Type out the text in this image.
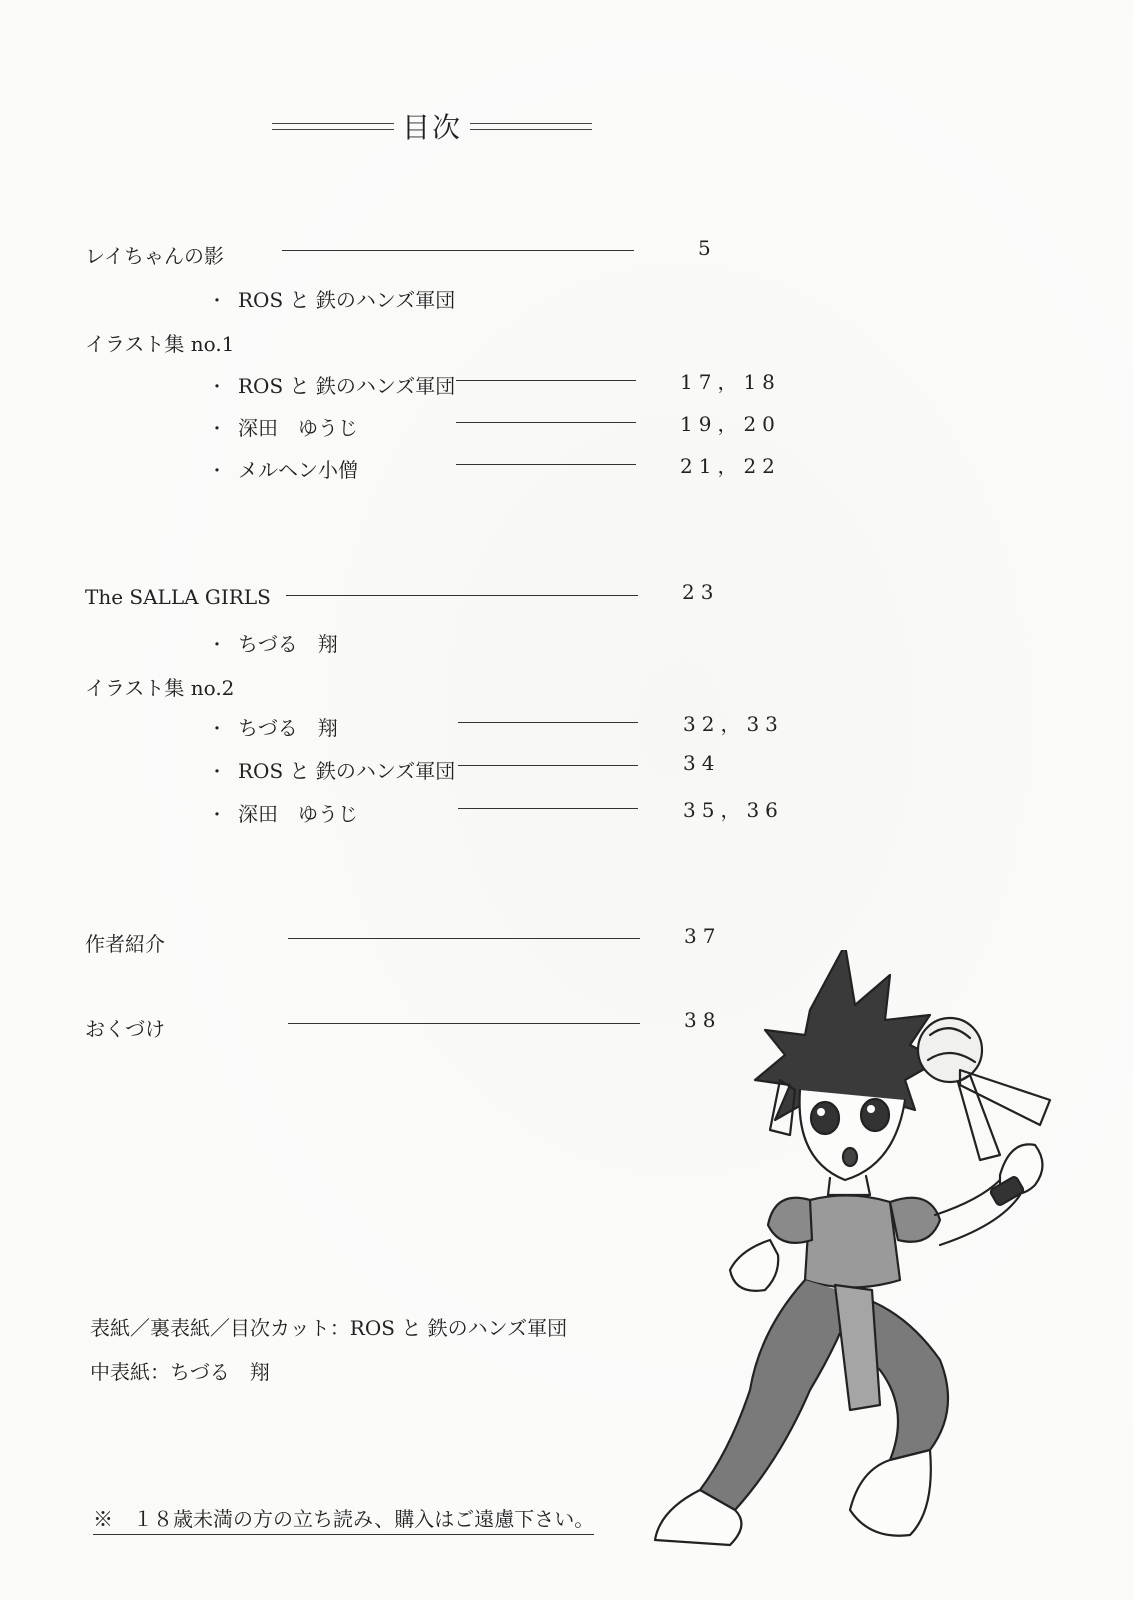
目次
レイちゃんの影	5
・ ROS と 鉄のハンズ軍団
イラスト集 no.1
・ ROS と 鉄のハンズ軍団	17，18
・ 深田　ゆうじ	19，20
・ メルヘン小僧	21，22
The SALLA GIRLS	23
・ ちづる　翔
イラスト集 no.2
・ ちづる　翔	32，33
・ ROS と 鉄のハンズ軍団	34
・ 深田　ゆうじ	35，36
作者紹介	37
おくづけ	38
表紙／裏表紙／目次カット：ROS と 鉄のハンズ軍団
中表紙：ちづる　翔
※　１８歳未満の方の立ち読み、購入はご遠慮下さい。
